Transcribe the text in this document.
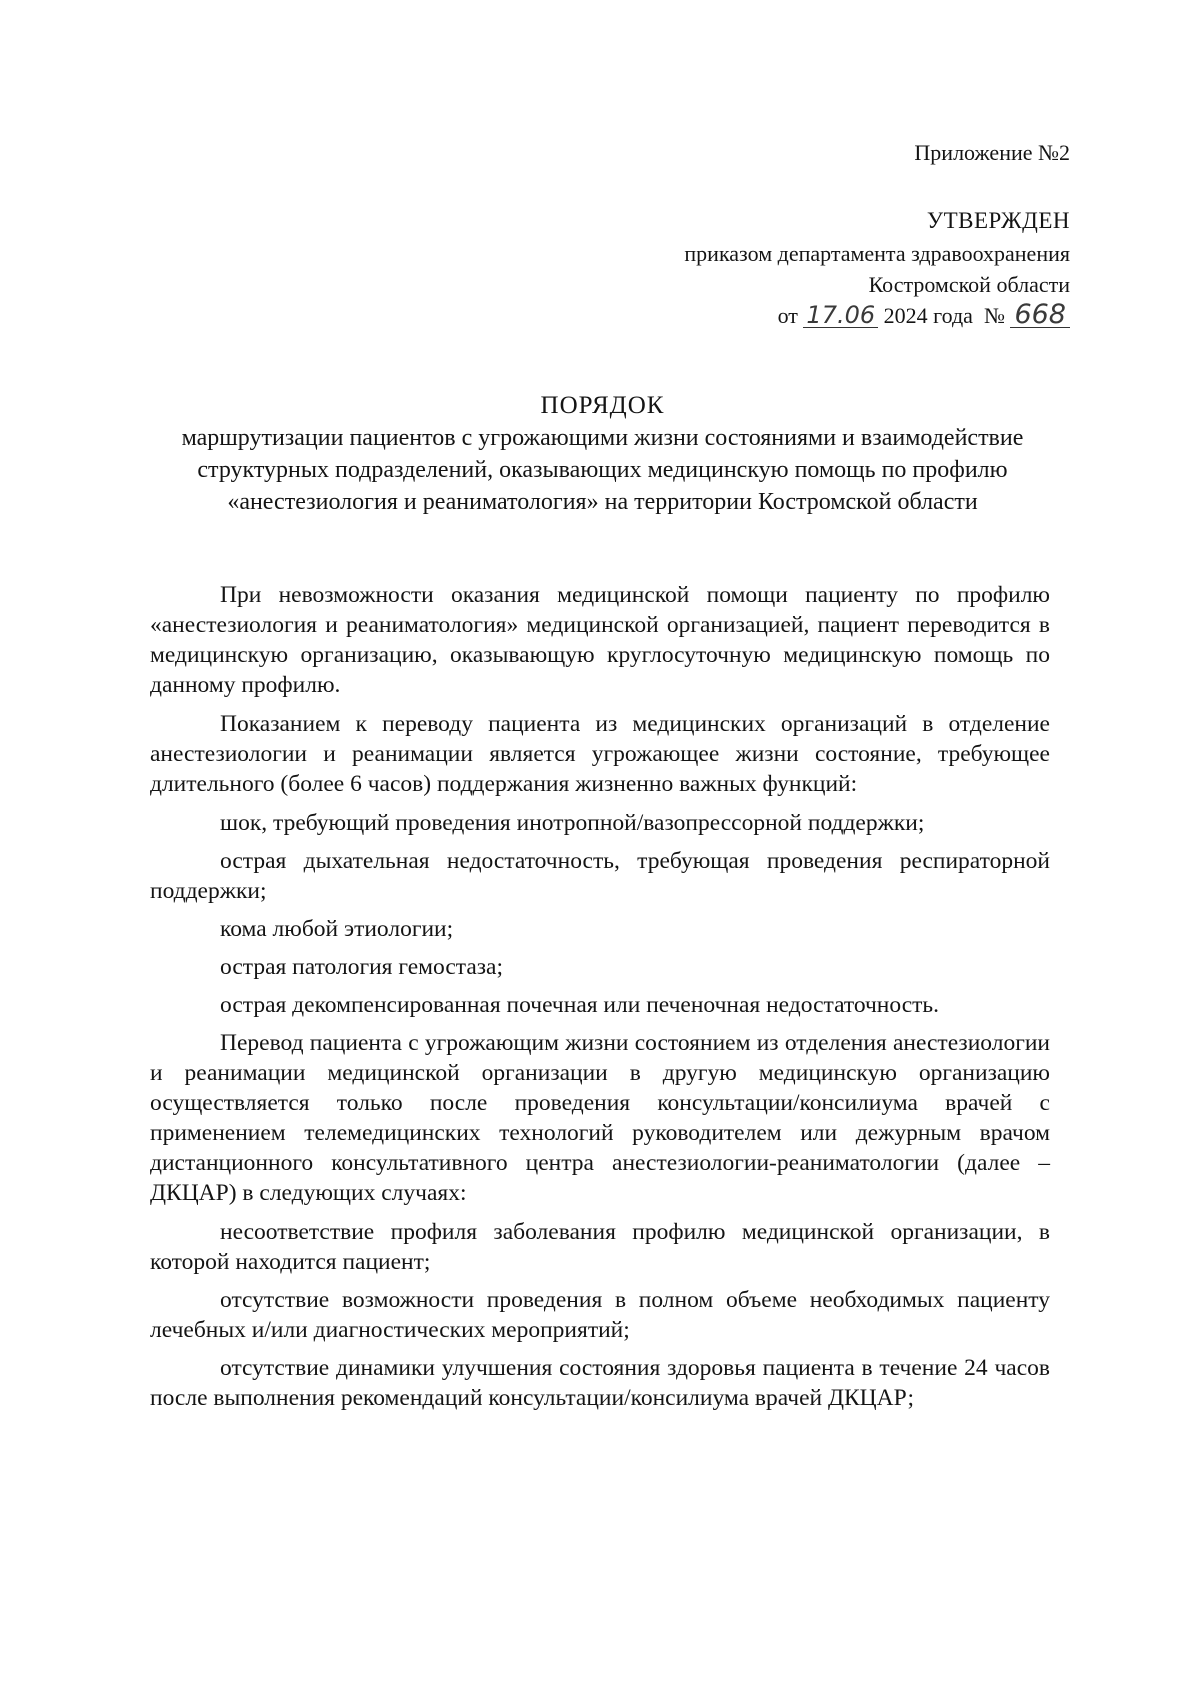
Приложение №2
УТВЕРЖДЕН
приказом департамента здравоохранения
Костромской области
от 17.06 2024 года № 668
ПОРЯДОК
маршрутизации пациентов с угрожающими жизни состояниями и взаимодействие структурных подразделений, оказывающих медицинскую помощь по профилю «анестезиология и реаниматология» на территории Костромской области

При невозможности оказания медицинской помощи пациенту по профилю «анестезиология и реаниматология» медицинской организацией, пациент переводится в медицинскую организацию, оказывающую круглосуточную медицинскую помощь по данному профилю.

Показанием к переводу пациента из медицинских организаций в отделение анестезиологии и реанимации является угрожающее жизни состояние, требующее длительного (более 6 часов) поддержания жизненно важных функций:

шок, требующий проведения инотропной/вазопрессорной поддержки;

острая дыхательная недостаточность, требующая проведения респираторной поддержки;

кома любой этиологии;

острая патология гемостаза;

острая декомпенсированная почечная или печеночная недостаточность.

Перевод пациента с угрожающим жизни состоянием из отделения анестезиологии и реанимации медицинской организации в другую медицинскую организацию осуществляется только после проведения консультации/консилиума врачей с применением телемедицинских технологий руководителем или дежурным врачом дистанционного консультативного центра анестезиологии-реаниматологии (далее – ДКЦАР) в следующих случаях:

несоответствие профиля заболевания профилю медицинской организации, в которой находится пациент;

отсутствие возможности проведения в полном объеме необходимых пациенту лечебных и/или диагностических мероприятий;

отсутствие динамики улучшения состояния здоровья пациента в течение 24 часов после выполнения рекомендаций консультации/консилиума врачей ДКЦАР;
